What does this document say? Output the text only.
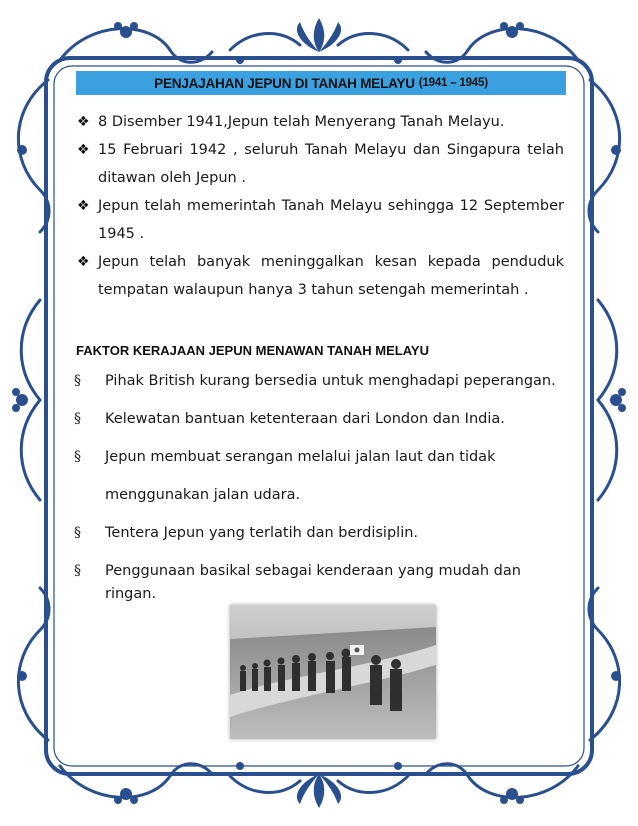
PENJAJAHAN JEPUN DI TANAH MELAYU (1941 – 1945)
❖ 8 Disember 1941,Jepun telah Menyerang Tanah Melayu.
❖ 15 Februari 1942 , seluruh Tanah Melayu dan Singapura telah ditawan oleh Jepun .
❖ Jepun telah memerintah Tanah Melayu sehingga 12 September 1945 .
❖ Jepun telah banyak meninggalkan kesan kepada penduduk tempatan walaupun hanya 3 tahun setengah memerintah .
FAKTOR KERAJAAN JEPUN MENAWAN TANAH MELAYU
§ Pihak British kurang bersedia untuk menghadapi peperangan.
§ Kelewatan bantuan ketenteraan dari London dan India.
§ Jepun membuat serangan melalui jalan laut dan tidak
menggunakan jalan udara.
§ Tentera Jepun yang terlatih dan berdisiplin.
§ Penggunaan basikal sebagai kenderaan yang mudah dan ringan.
